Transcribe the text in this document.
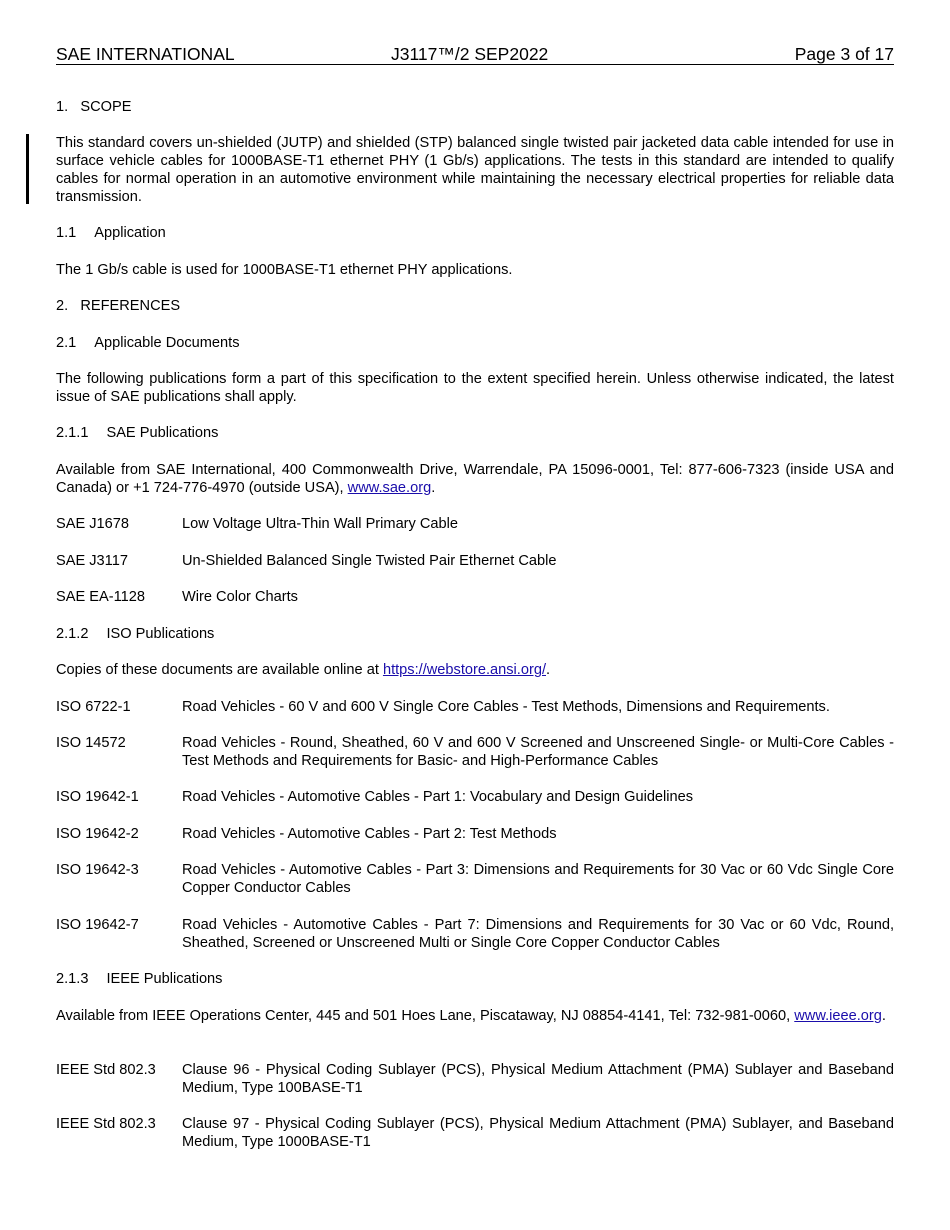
SAE INTERNATIONAL	J3117™/2 SEP2022	Page 3 of 17
1. SCOPE
This standard covers un-shielded (JUTP) and shielded (STP) balanced single twisted pair jacketed data cable intended for use in surface vehicle cables for 1000BASE-T1 ethernet PHY (1 Gb/s) applications. The tests in this standard are intended to qualify cables for normal operation in an automotive environment while maintaining the necessary electrical properties for reliable data transmission.
1.1 Application
The 1 Gb/s cable is used for 1000BASE-T1 ethernet PHY applications.
2. REFERENCES
2.1 Applicable Documents
The following publications form a part of this specification to the extent specified herein. Unless otherwise indicated, the latest issue of SAE publications shall apply.
2.1.1 SAE Publications
Available from SAE International, 400 Commonwealth Drive, Warrendale, PA 15096-0001, Tel: 877-606-7323 (inside USA and Canada) or +1 724-776-4970 (outside USA), www.sae.org.
SAE J1678	Low Voltage Ultra-Thin Wall Primary Cable
SAE J3117	Un-Shielded Balanced Single Twisted Pair Ethernet Cable
SAE EA-1128	Wire Color Charts
2.1.2 ISO Publications
Copies of these documents are available online at https://webstore.ansi.org/.
ISO 6722-1	Road Vehicles - 60 V and 600 V Single Core Cables - Test Methods, Dimensions and Requirements.
ISO 14572	Road Vehicles - Round, Sheathed, 60 V and 600 V Screened and Unscreened Single- or Multi-Core Cables - Test Methods and Requirements for Basic- and High-Performance Cables
ISO 19642-1	Road Vehicles - Automotive Cables - Part 1: Vocabulary and Design Guidelines
ISO 19642-2	Road Vehicles - Automotive Cables - Part 2: Test Methods
ISO 19642-3	Road Vehicles - Automotive Cables - Part 3: Dimensions and Requirements for 30 Vac or 60 Vdc Single Core Copper Conductor Cables
ISO 19642-7	Road Vehicles - Automotive Cables - Part 7: Dimensions and Requirements for 30 Vac or 60 Vdc, Round, Sheathed, Screened or Unscreened Multi or Single Core Copper Conductor Cables
2.1.3 IEEE Publications
Available from IEEE Operations Center, 445 and 501 Hoes Lane, Piscataway, NJ 08854-4141, Tel: 732-981-0060, www.ieee.org.
IEEE Std 802.3	Clause 96 - Physical Coding Sublayer (PCS), Physical Medium Attachment (PMA) Sublayer and Baseband Medium, Type 100BASE-T1
IEEE Std 802.3	Clause 97 - Physical Coding Sublayer (PCS), Physical Medium Attachment (PMA) Sublayer, and Baseband Medium, Type 1000BASE-T1
